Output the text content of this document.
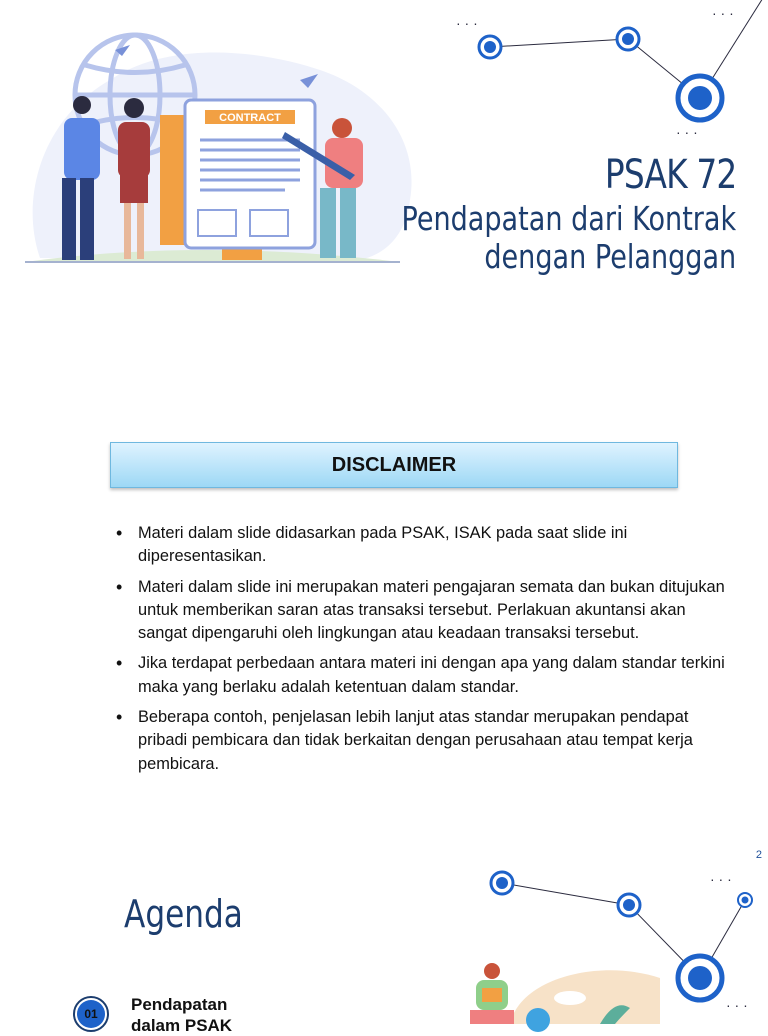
CONTRACT
· · ·
· · ·
· · ·
PSAK 72
Pendapatan dari Kontrak
dengan Pelanggan
DISCLAIMER
• Materi dalam slide didasarkan pada PSAK, ISAK pada saat slide ini diperesentasikan.
• Materi dalam slide ini merupakan materi pengajaran semata dan bukan ditujukan untuk memberikan saran atas transaksi tersebut. Perlakuan akuntansi akan sangat dipengaruhi oleh lingkungan atau keadaan transaksi tersebut.
• Jika terdapat perbedaan antara materi ini dengan apa yang dalam standar terkini maka yang berlaku adalah ketentuan dalam standar.
• Beberapa contoh, penjelasan lebih lanjut atas standar merupakan pendapat pribadi pembicara dan tidak berkaitan dengan perusahaan atau tempat kerja pembicara.
· · ·
· · ·
2
Agenda
01	Pendapatan
dalam PSAK
